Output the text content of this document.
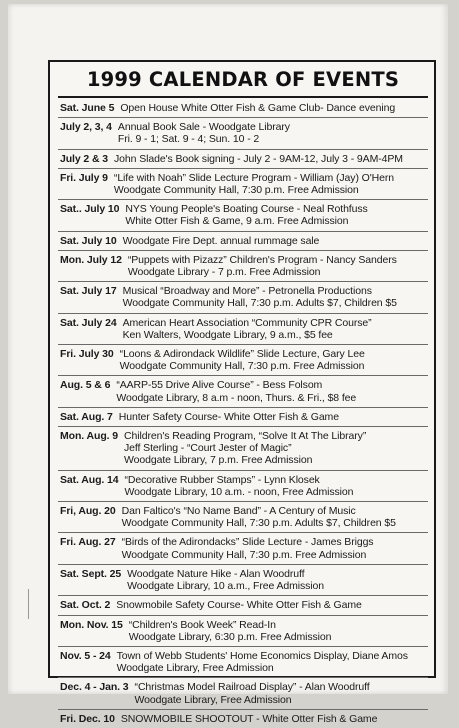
1999 CALENDAR OF EVENTS
Sat. June 5 Open House White Otter Fish & Game Club- Dance evening
July 2, 3, 4 Annual Book Sale - Woodgate Library
Fri. 9 - 1; Sat. 9 - 4; Sun. 10 - 2
July 2 & 3 John Slade's Book signing - July 2 - 9AM-12, July 3 - 9AM-4PM
Fri. July 9 “Life with Noah” Slide Lecture Program - William (Jay) O'Hern
Woodgate Community Hall, 7:30 p.m. Free Admission
Sat.. July 10 NYS Young People's Boating Course - Neal Rothfuss
White Otter Fish & Game, 9 a.m. Free Admission
Sat. July 10 Woodgate Fire Dept. annual rummage sale
Mon. July 12 “Puppets with Pizazz” Children's Program - Nancy Sanders
Woodgate Library - 7 p.m. Free Admission
Sat. July 17 Musical “Broadway and More” - Petronella Productions
Woodgate Community Hall, 7:30 p.m. Adults $7, Children $5
Sat. July 24 American Heart Association “Community CPR Course”
Ken Walters, Woodgate Library, 9 a.m., $5 fee
Fri. July 30 “Loons & Adirondack Wildlife” Slide Lecture, Gary Lee
Woodgate Community Hall, 7:30 p.m. Free Admission
Aug. 5 & 6 “AARP-55 Drive Alive Course” - Bess Folsom
Woodgate Library, 8 a.m - noon, Thurs. & Fri., $8 fee
Sat. Aug. 7 Hunter Safety Course- White Otter Fish & Game
Mon. Aug. 9 Children's Reading Program, “Solve It At The Library”
Jeff Sterling - “Court Jester of Magic”
Woodgate Library, 7 p.m. Free Admission
Sat. Aug. 14 “Decorative Rubber Stamps” - Lynn Klosek
Woodgate Library, 10 a.m. - noon, Free Admission
Fri, Aug. 20 Dan Faltico's “No Name Band” - A Century of Music
Woodgate Community Hall, 7:30 p.m. Adults $7, Children $5
Fri. Aug. 27 “Birds of the Adirondacks” Slide Lecture - James Briggs
Woodgate Community Hall, 7:30 p.m. Free Admission
Sat. Sept. 25 Woodgate Nature Hike - Alan Woodruff
Woodgate Library, 10 a.m., Free Admission
Sat. Oct. 2 Snowmobile Safety Course- White Otter Fish & Game
Mon. Nov. 15 “Children's Book Week” Read-In
Woodgate Library, 6:30 p.m. Free Admission
Nov. 5 - 24 Town of Webb Students' Home Economics Display, Diane Amos
Woodgate Library, Free Admission
Dec. 4 - Jan. 3 “Christmas Model Railroad Display” - Alan Woodruff
Woodgate Library, Free Admission
Fri. Dec. 10 SNOWMOBILE SHOOTOUT - White Otter Fish & Game
